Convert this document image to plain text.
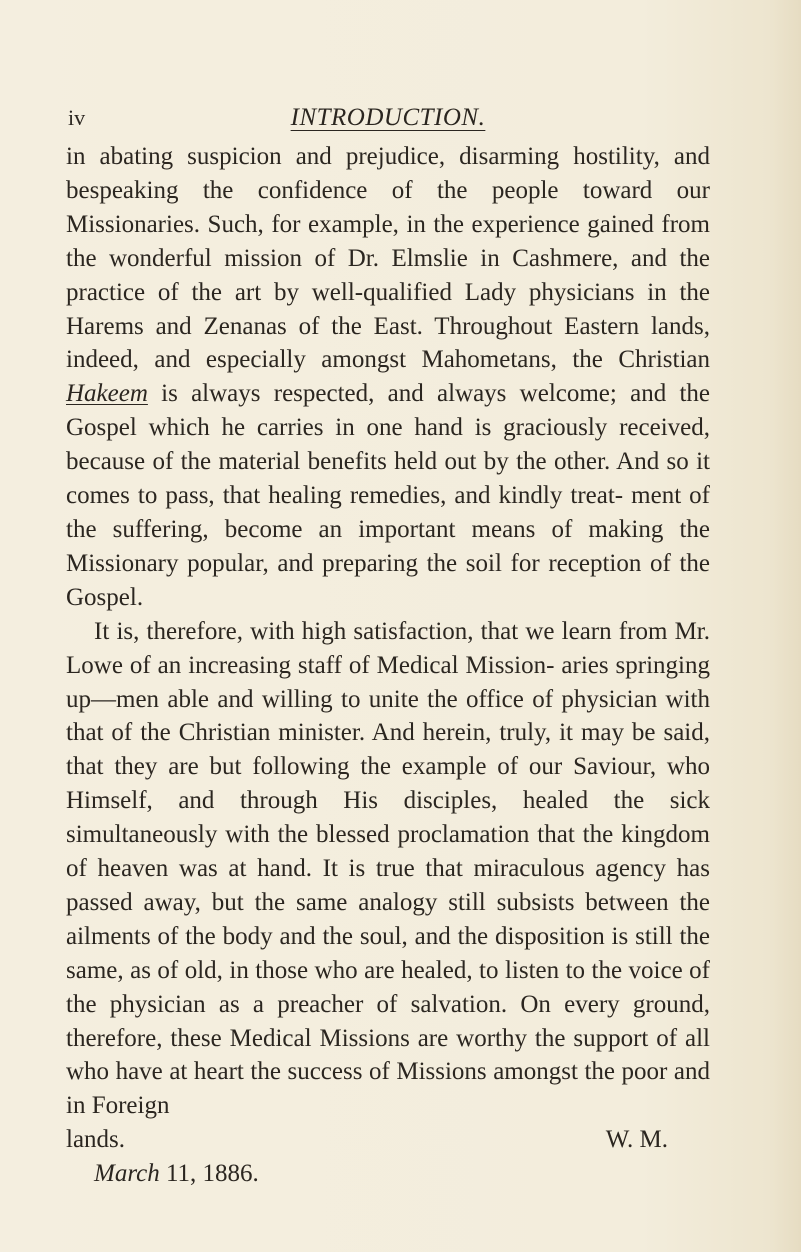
iv	INTRODUCTION.

in abating suspicion and prejudice, disarming hostility, and bespeaking the confidence of the people toward our Missionaries. Such, for example, in the experience gained from the wonderful mission of Dr. Elmslie in Cashmere, and the practice of the art by well-qualified Lady physicians in the Harems and Zenanas of the East. Throughout Eastern lands, indeed, and especially amongst Mahometans, the Christian Hakeem is always respected, and always welcome; and the Gospel which he carries in one hand is graciously received, because of the material benefits held out by the other. And so it comes to pass, that healing remedies, and kindly treat- ment of the suffering, become an important means of making the Missionary popular, and preparing the soil for reception of the Gospel.

It is, therefore, with high satisfaction, that we learn from Mr. Lowe of an increasing staff of Medical Mission- aries springing up—men able and willing to unite the office of physician with that of the Christian minister. And herein, truly, it may be said, that they are but following the example of our Saviour, who Himself, and through His disciples, healed the sick simultaneously with the blessed proclamation that the kingdom of heaven was at hand. It is true that miraculous agency has passed away, but the same analogy still subsists between the ailments of the body and the soul, and the disposition is still the same, as of old, in those who are healed, to listen to the voice of the physician as a preacher of salvation. On every ground, therefore, these Medical Missions are worthy the support of all who have at heart the success of Missions amongst the poor and in Foreign

lands.	W. M.

March 11, 1886.
